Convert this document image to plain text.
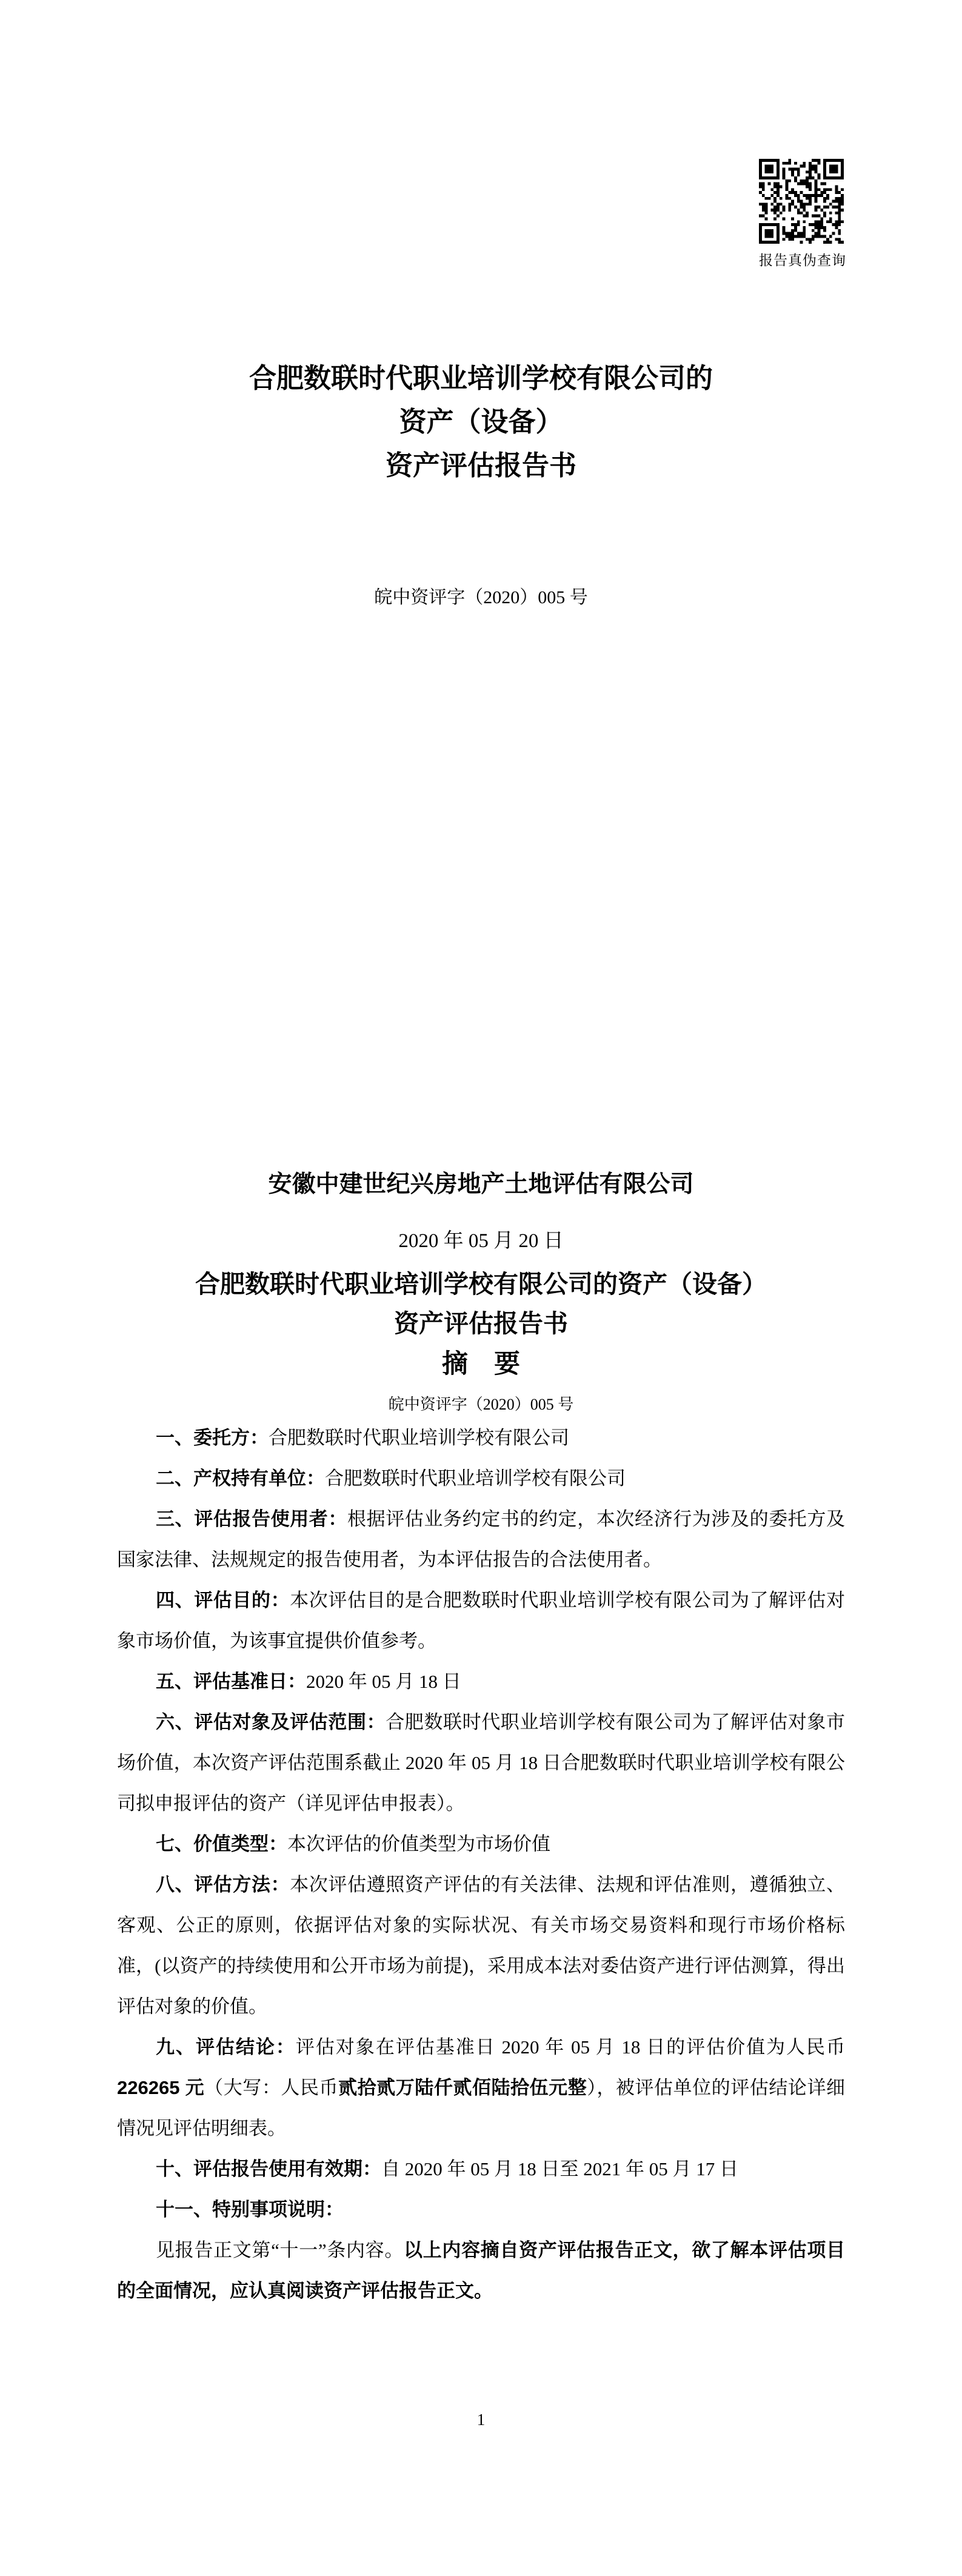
报告真伪查询
合肥数联时代职业培训学校有限公司的
资产（设备）
资产评估报告书
皖中资评字（2020）005 号
安徽中建世纪兴房地产土地评估有限公司
2020 年 05 月 20 日
合肥数联时代职业培训学校有限公司的资产（设备）
资产评估报告书
摘　要
皖中资评字（2020）005 号

一、委托方：合肥数联时代职业培训学校有限公司

二、产权持有单位：合肥数联时代职业培训学校有限公司

三、评估报告使用者：根据评估业务约定书的约定，本次经济行为涉及的委托方及国家法律、法规规定的报告使用者，为本评估报告的合法使用者。

四、评估目的：本次评估目的是合肥数联时代职业培训学校有限公司为了解评估对象市场价值，为该事宜提供价值参考。

五、评估基准日：2020 年 05 月 18 日

六、评估对象及评估范围：合肥数联时代职业培训学校有限公司为了解评估对象市场价值，本次资产评估范围系截止 2020 年 05 月 18 日合肥数联时代职业培训学校有限公司拟申报评估的资产（详见评估申报表）。

七、价值类型：本次评估的价值类型为市场价值

八、评估方法：本次评估遵照资产评估的有关法律、法规和评估准则，遵循独立、客观、公正的原则，依据评估对象的实际状况、有关市场交易资料和现行市场价格标准，(以资产的持续使用和公开市场为前提)，采用成本法对委估资产进行评估测算，得出评估对象的价值。

九、评估结论：评估对象在评估基准日 2020 年 05 月 18 日的评估价值为人民币 226265 元（大写：人民币贰拾贰万陆仟贰佰陆拾伍元整），被评估单位的评估结论详细情况见评估明细表。

十、评估报告使用有效期：自 2020 年 05 月 18 日至 2021 年 05 月 17 日

十一、特别事项说明：

见报告正文第“十一”条内容。以上内容摘自资产评估报告正文，欲了解本评估项目的全面情况，应认真阅读资产评估报告正文。

1
